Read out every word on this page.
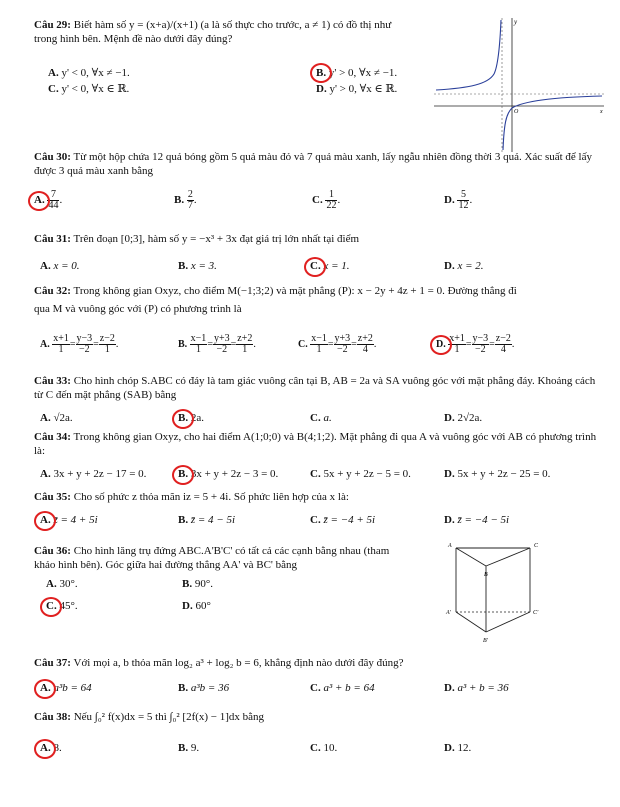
Câu 29: Biết hàm số y = (x+a)/(x+1) (a là số thực cho trước, a ≠ 1) có đồ thị như
trong hình bên. Mệnh đề nào dưới đây đúng?
A. y' < 0, ∀x ≠ −1.	B. y' > 0, ∀x ≠ −1.
C. y' < 0, ∀x ∈ ℝ.	D. y' > 0, ∀x ∈ ℝ.
y
O	x
Câu 30: Từ một hộp chứa 12 quả bóng gồm 5 quả màu đỏ và 7 quả màu xanh, lấy ngẫu nhiên đồng thời 3 quả. Xác suất để lấy được 3 quả màu xanh bằng
A. $\frac{7}{44}$ .	B. $\frac{2}{7}$ .	C. $\frac{1}{22}$ .	D. $\frac{5}{12}$ .
Câu 31: Trên đoạn [0;3], hàm số y = −x³ + 3x đạt giá trị lớn nhất tại điểm
A. x = 0.	B. x = 3.	C. x = 1.	D. x = 2.
Câu 32: Trong không gian Oxyz, cho điểm M(−1;3;2) và mặt phẳng (P): x − 2y + 4z + 1 = 0. Đường thẳng đi
qua M và vuông góc với (P) có phương trình là
A. $\frac{x+1}{1} = \frac{y-3}{-2} = \frac{z-2}{1}$ .	B. $\frac{x-1}{1} = \frac{y+3}{-2} = \frac{z+2}{1}$ .	C. $\frac{x-1}{1} = \frac{y+3}{-2} = \frac{z+2}{4}$ .	D. $\frac{x+1}{1} = \frac{y-3}{-2} = \frac{z-2}{4}$ .
Câu 33: Cho hình chóp S.ABC có đáy là tam giác vuông cân tại B, AB = 2a và SA vuông góc với mặt phẳng đáy. Khoảng cách từ C đến mặt phẳng (SAB) bằng
A. √2a.	B. 2a.	C. a.	D. 2√2a.
Câu 34: Trong không gian Oxyz, cho hai điểm A(1;0;0) và B(4;1;2). Mặt phẳng đi qua A và vuông góc với AB có phương trình là:
A. 3x + y + 2z − 17 = 0.	B. 3x + y + 2z − 3 = 0.	C. 5x + y + 2z − 5 = 0.	D. 5x + y + 2z − 25 = 0.
Câu 35: Cho số phức z thỏa mãn iz = 5 + 4i. Số phức liên hợp của x là:
A. z̄ = 4 + 5i	B. z̄ = 4 − 5i	C. z̄ = −4 + 5i	D. z̄ = −4 − 5i
Câu 36: Cho hình lăng trụ đứng ABC.A'B'C' có tất cả các cạnh bằng nhau (tham
khảo hình bên). Góc giữa hai đường thẳng AA' và BC' bằng
A. 30°.	B. 90°.
C. 45°.	D. 60°
A	C
B
A'	C'
B'
Câu 37: Với mọi a, b thỏa mãn log₂ a³ + log₂ b = 6, khẳng định nào dưới đây đúng?
A. a³b = 64	B. a³b = 36	C. a³ + b = 64	D. a³ + b = 36
Câu 38: Nếu ∫₀² f(x)dx = 5 thì ∫₀² [2f(x) − 1]dx bằng
A. 8.	B. 9.	C. 10.	D. 12.
